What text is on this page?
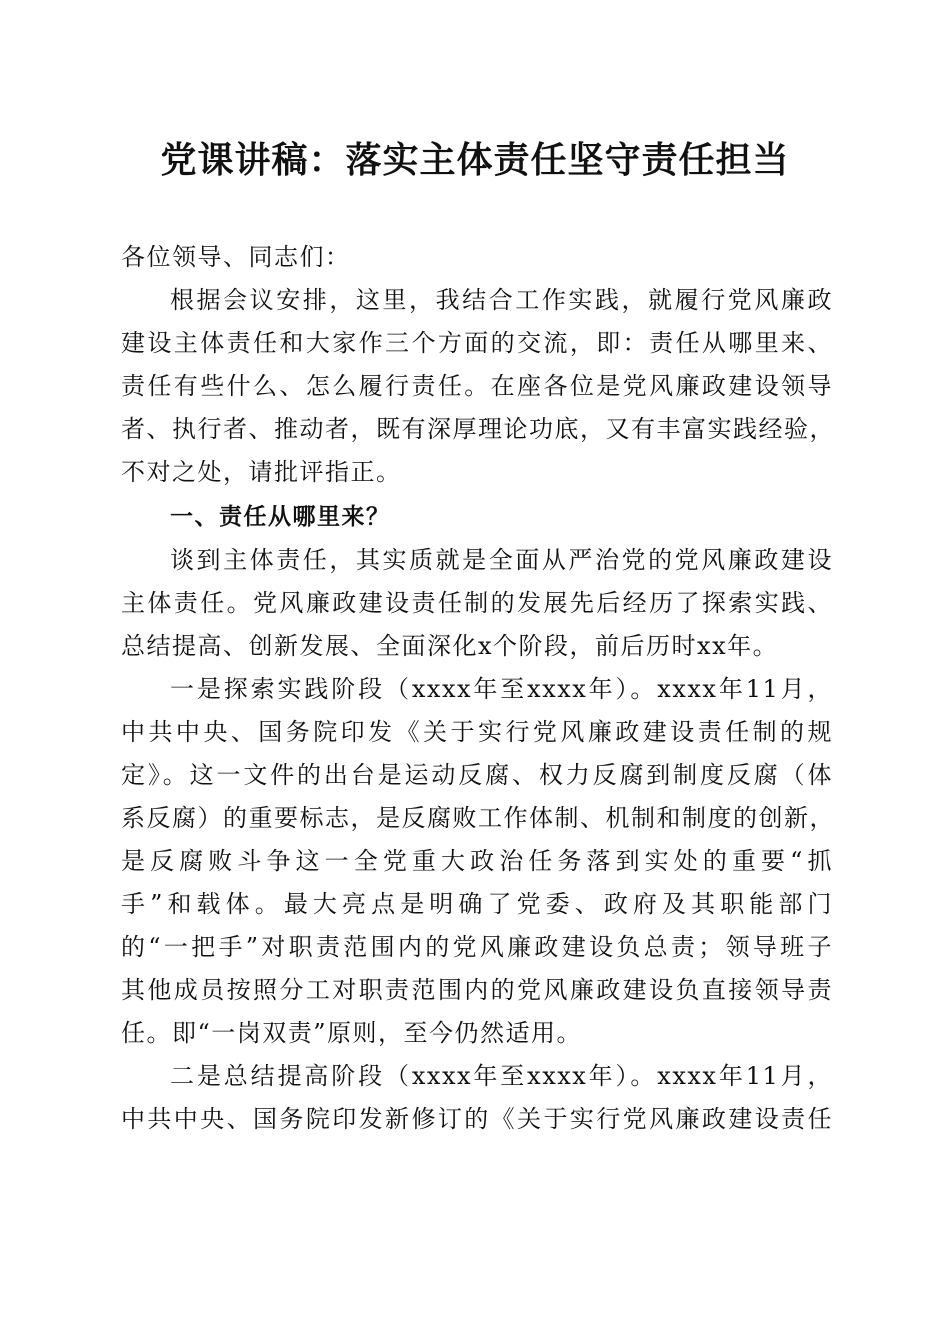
党课讲稿：落实主体责任坚守责任担当
各位领导、同志们：
根据会议安排，这里，我结合工作实践，就履行党风廉政
建设主体责任和大家作三个方面的交流，即：责任从哪里来、
责任有些什么、怎么履行责任。在座各位是党风廉政建设领导
者、执行者、推动者，既有深厚理论功底，又有丰富实践经验，
不对之处，请批评指正。
一、责任从哪里来？
谈到主体责任，其实质就是全面从严治党的党风廉政建设
主体责任。党风廉政建设责任制的发展先后经历了探索实践、
总结提高、创新发展、全面深化x个阶段，前后历时xx年。
一是探索实践阶段（xxxx年至xxxx年）。xxxx年11月，
中共中央、国务院印发《关于实行党风廉政建设责任制的规
定》。这一文件的出台是运动反腐、权力反腐到制度反腐（体
系反腐）的重要标志，是反腐败工作体制、机制和制度的创新，
是反腐败斗争这一全党重大政治任务落到实处的重要“抓
手”和载体。最大亮点是明确了党委、政府及其职能部门
的“一把手”对职责范围内的党风廉政建设负总责；领导班子
其他成员按照分工对职责范围内的党风廉政建设负直接领导责
任。即“一岗双责”原则，至今仍然适用。
二是总结提高阶段（xxxx年至xxxx年）。xxxx年11月，
中共中央、国务院印发新修订的《关于实行党风廉政建设责任
